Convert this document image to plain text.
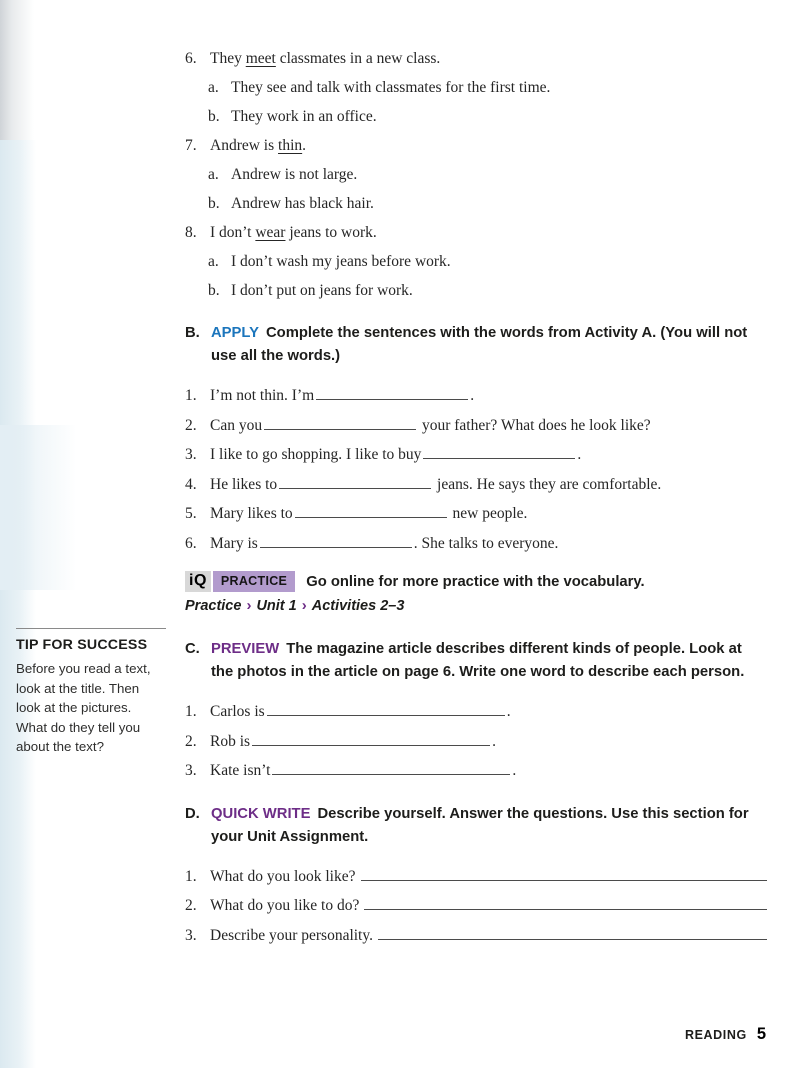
TIP FOR SUCCESS
Before you read a text, look at the title. Then look at the pictures. What do they tell you about the text?
6. They meet classmates in a new class.
a. They see and talk with classmates for the first time.
b. They work in an office.
7. Andrew is thin.
a. Andrew is not large.
b. Andrew has black hair.
8. I don’t wear jeans to work.
a. I don’t wash my jeans before work.
b. I don’t put on jeans for work.
B. APPLY Complete the sentences with the words from Activity A. (You will not use all the words.)
1. I’m not thin. I’m	.
2. Can you	your father? What does he look like?
3. I like to go shopping. I like to buy	.
4. He likes to	jeans. He says they are comfortable.
5. Mary likes to	new people.
6. Mary is	. She talks to everyone.
iQ	PRACTICE	Go online for more practice with the vocabulary.
Practice › Unit 1 › Activities 2–3
C. PREVIEW The magazine article describes different kinds of people. Look at the photos in the article on page 6. Write one word to describe each person.
1. Carlos is	.
2. Rob is	.
3. Kate isn’t	.
D. QUICK WRITE Describe yourself. Answer the questions. Use this section for your Unit Assignment.
1. What do you look like?
2. What do you like to do?
3. Describe your personality.
READING 5
